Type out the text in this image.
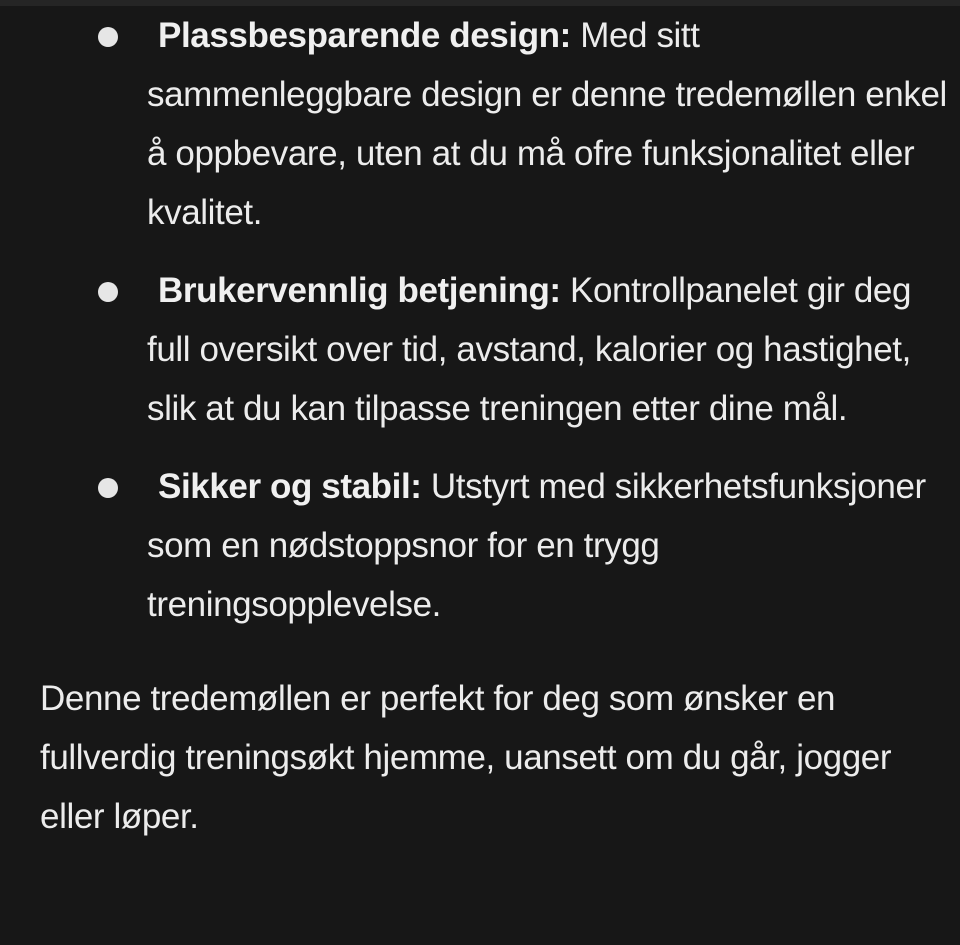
Plassbesparende design: Med sitt sammenleggbare design er denne tredemøllen enkel å oppbevare, uten at du må ofre funksjonalitet eller kvalitet.
Brukervennlig betjening: Kontrollpanelet gir deg full oversikt over tid, avstand, kalorier og hastighet, slik at du kan tilpasse treningen etter dine mål.
Sikker og stabil: Utstyrt med sikkerhetsfunksjoner som en nødstoppsnor for en trygg treningsopplevelse.

Denne tredemøllen er perfekt for deg som ønsker en fullverdig treningsøkt hjemme, uansett om du går, jogger eller løper.
